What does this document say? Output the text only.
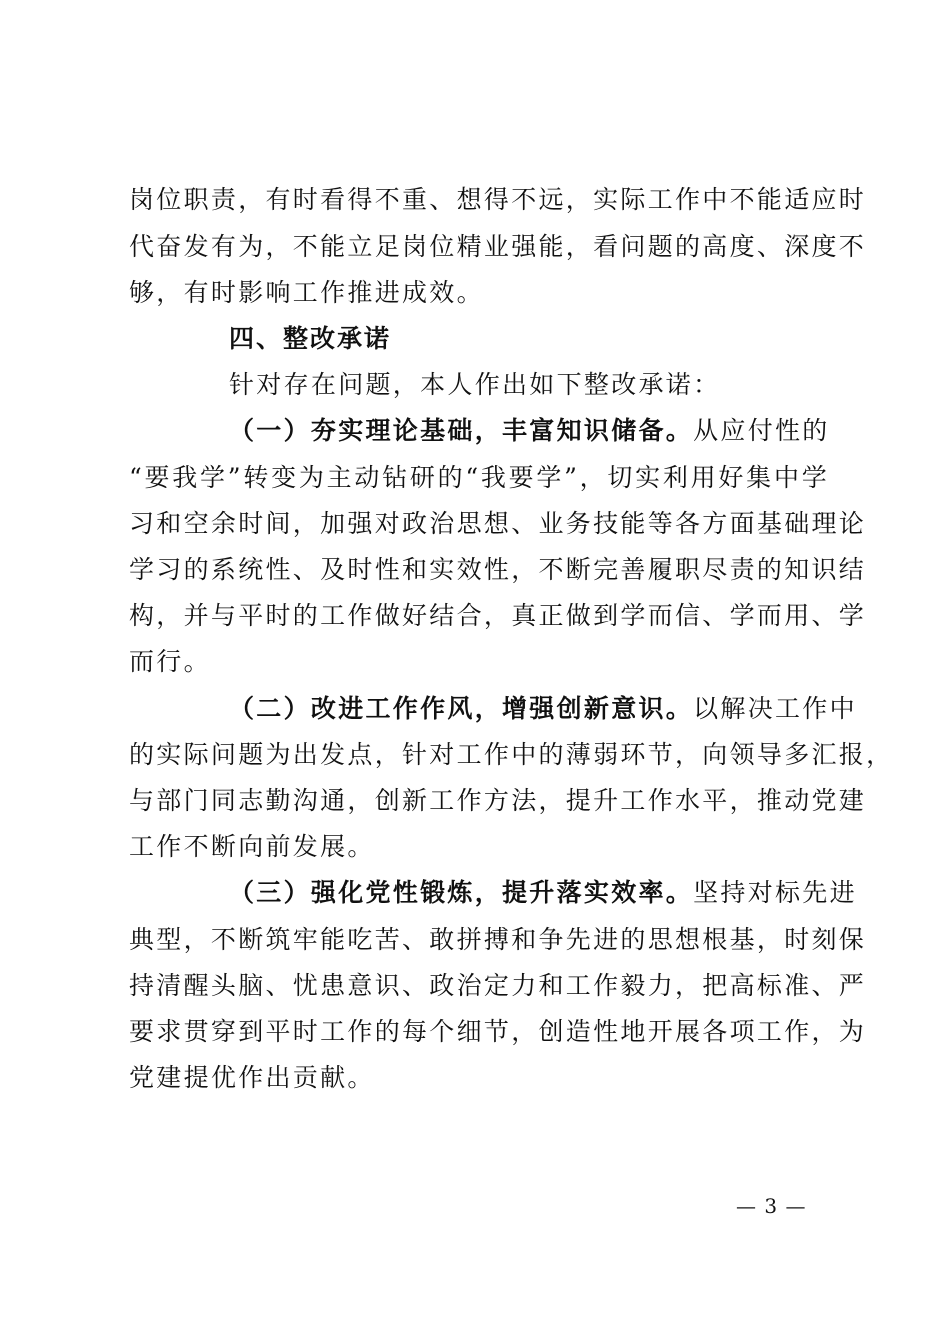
岗位职责，有时看得不重、想得不远，实际工作中不能适应时
代奋发有为，不能立足岗位精业强能，看问题的高度、深度不
够，有时影响工作推进成效。
四、整改承诺
针对存在问题，本人作出如下整改承诺：
（一）夯实理论基础，丰富知识储备。从应付性的
“要我学”转变为主动钻研的“我要学”，切实利用好集中学
习和空余时间，加强对政治思想、业务技能等各方面基础理论
学习的系统性、及时性和实效性，不断完善履职尽责的知识结
构，并与平时的工作做好结合，真正做到学而信、学而用、学
而行。
（二）改进工作作风，增强创新意识。以解决工作中
的实际问题为出发点，针对工作中的薄弱环节，向领导多汇报，
与部门同志勤沟通，创新工作方法，提升工作水平，推动党建
工作不断向前发展。
（三）强化党性锻炼，提升落实效率。坚持对标先进
典型，不断筑牢能吃苦、敢拼搏和争先进的思想根基，时刻保
持清醒头脑、忧患意识、政治定力和工作毅力，把高标准、严
要求贯穿到平时工作的每个细节，创造性地开展各项工作，为
党建提优作出贡献。
— 3 —
